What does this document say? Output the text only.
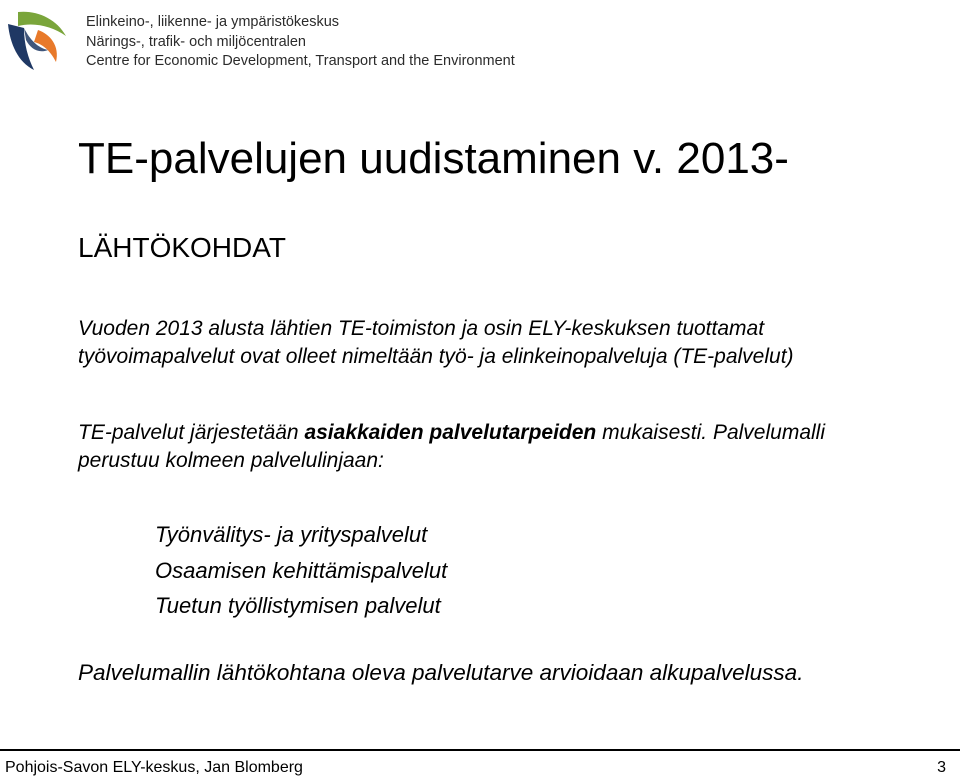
Elinkeino-, liikenne- ja ympäristökeskus
Närings-, trafik- och miljöcentralen
Centre for Economic Development, Transport and the Environment
TE-palvelujen uudistaminen v. 2013-
LÄHTÖKOHDAT
Vuoden 2013 alusta lähtien TE-toimiston ja osin ELY-keskuksen tuottamat
työvoimapalvelut ovat olleet nimeltään työ- ja elinkeinopalveluja (TE-palvelut)
TE-palvelut järjestetään asiakkaiden palvelutarpeiden mukaisesti. Palvelumalli
perustuu kolmeen palvelulinjaan:
Työnvälitys- ja yrityspalvelut
Osaamisen kehittämispalvelut
Tuetun työllistymisen palvelut
Palvelumallin lähtökohtana oleva palvelutarve arvioidaan alkupalvelussa.
Pohjois-Savon ELY-keskus, Jan Blomberg	3
